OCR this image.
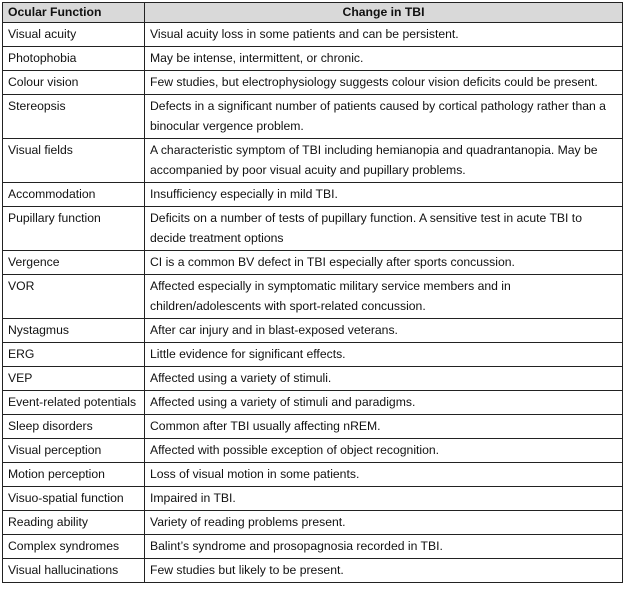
Ocular Function	Change in TBI
Visual acuity	Visual acuity loss in some patients and can be persistent.
Photophobia	May be intense, intermittent, or chronic.
Colour vision	Few studies, but electrophysiology suggests colour vision deficits could be present.
Stereopsis	Defects in a significant number of patients caused by cortical pathology rather than a binocular vergence problem.
Visual fields	A characteristic symptom of TBI including hemianopia and quadrantanopia. May be accompanied by poor visual acuity and pupillary problems.
Accommodation	Insufficiency especially in mild TBI.
Pupillary function	Deficits on a number of tests of pupillary function. A sensitive test in acute TBI to decide treatment options
Vergence	CI is a common BV defect in TBI especially after sports concussion.
VOR	Affected especially in symptomatic military service members and in children/adolescents with sport-related concussion.
Nystagmus	After car injury and in blast-exposed veterans.
ERG	Little evidence for significant effects.
VEP	Affected using a variety of stimuli.
Event-related potentials	Affected using a variety of stimuli and paradigms.
Sleep disorders	Common after TBI usually affecting nREM.
Visual perception	Affected with possible exception of object recognition.
Motion perception	Loss of visual motion in some patients.
Visuo-spatial function	Impaired in TBI.
Reading ability	Variety of reading problems present.
Complex syndromes	Balint’s syndrome and prosopagnosia recorded in TBI.
Visual hallucinations	Few studies but likely to be present.
